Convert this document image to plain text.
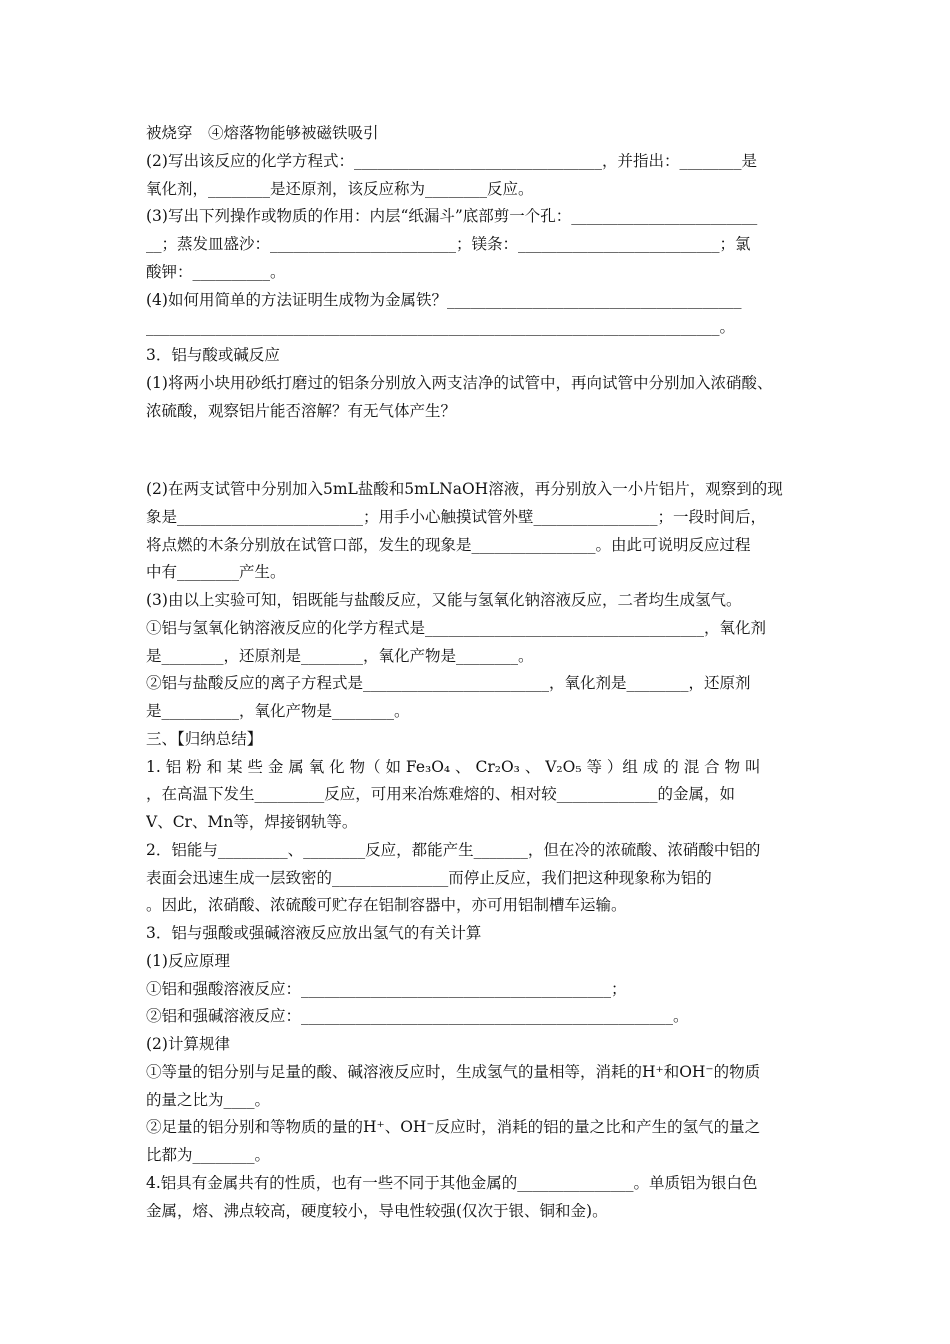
被烧穿　④熔落物能够被磁铁吸引
(2)写出该反应的化学方程式：________________________________，并指出：________是
氧化剂，________是还原剂，该反应称为________反应。
(3)写出下列操作或物质的作用：内层“纸漏斗”底部剪一个孔：________________________
__；蒸发皿盛沙：________________________；镁条：__________________________；氯
酸钾：__________。
(4)如何用简单的方法证明生成物为金属铁？______________________________________
__________________________________________________________________________。
3．铝与酸或碱反应
(1)将两小块用砂纸打磨过的铝条分别放入两支洁净的试管中，再向试管中分别加入浓硝酸、
浓硫酸，观察铝片能否溶解？有无气体产生？
(2)在两支试管中分别加入5mL盐酸和5mLNaOH溶液，再分别放入一小片铝片，观察到的现
象是________________________；用手小心触摸试管外壁________________；一段时间后，
将点燃的木条分别放在试管口部，发生的现象是________________。由此可说明反应过程
中有________产生。
(3)由以上实验可知，铝既能与盐酸反应，又能与氢氧化钠溶液反应，二者均生成氢气。
①铝与氢氧化钠溶液反应的化学方程式是____________________________________，氧化剂
是________，还原剂是________，氧化产物是________。
②铝与盐酸反应的离子方程式是________________________，氧化剂是________，还原剂
是__________，氧化产物是________。
三、【归纳总结】
1. 铝 粉 和 某 些 金 属 氧 化 物（ 如 Fe₃O₄ 、 Cr₂O₃ 、 V₂O₅ 等 ）组 成 的 混 合 物 叫
，在高温下发生_________反应，可用来冶炼难熔的、相对较_____________的金属，如
V、Cr、Mn等，焊接钢轨等。
2．铝能与_________、________反应，都能产生_______，但在冷的浓硫酸、浓硝酸中铝的
表面会迅速生成一层致密的_______________而停止反应，我们把这种现象称为铝的
。因此，浓硝酸、浓硫酸可贮存在铝制容器中，亦可用铝制槽车运输。
3．铝与强酸或强碱溶液反应放出氢气的有关计算
(1)反应原理
①铝和强酸溶液反应：________________________________________；
②铝和强碱溶液反应：________________________________________________。
(2)计算规律
①等量的铝分别与足量的酸、碱溶液反应时，生成氢气的量相等，消耗的H⁺和OH⁻的物质
的量之比为____。
②足量的铝分别和等物质的量的H⁺、OH⁻反应时，消耗的铝的量之比和产生的氢气的量之
比都为________。
4.铝具有金属共有的性质，也有一些不同于其他金属的_______________。单质铝为银白色
金属，熔、沸点较高，硬度较小，导电性较强(仅次于银、铜和金)。
